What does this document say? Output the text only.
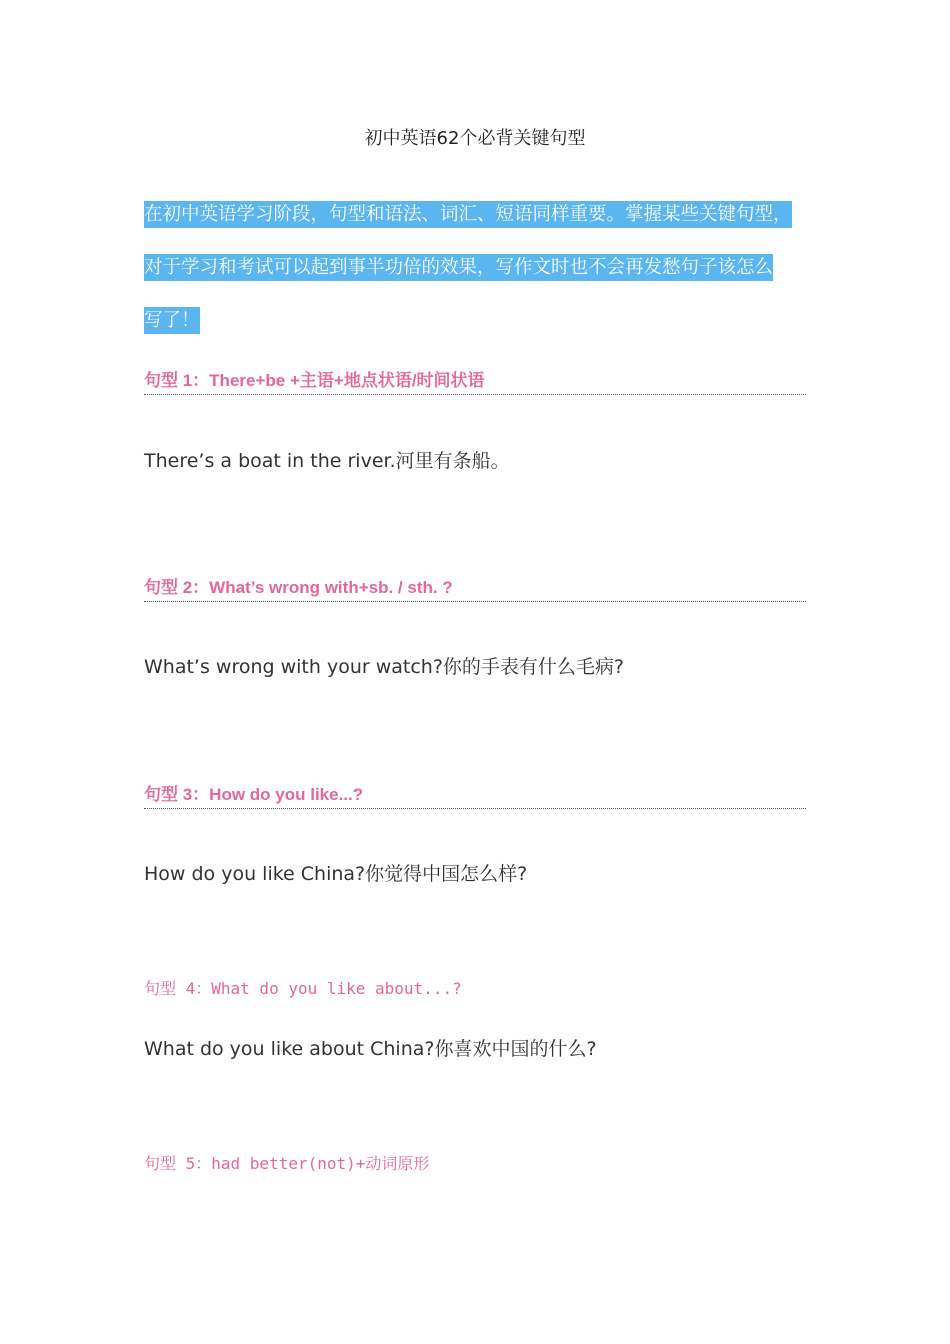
初中英语62个必背关键句型
在初中英语学习阶段，句型和语法、词汇、短语同样重要。掌握某些关键句型，
对于学习和考试可以起到事半功倍的效果，写作文时也不会再发愁句子该怎么
写了！
句型 1：There+be +主语+地点状语/时间状语
There’s a boat in the river.河里有条船。
句型 2：What’s wrong with+sb. / sth. ?
What’s wrong with your watch?你的手表有什么毛病?
句型 3：How do you like...?
How do you like China?你觉得中国怎么样?
句型 4：What do you like about...?
What do you like about China?你喜欢中国的什么?
句型 5：had better(not)+动词原形
